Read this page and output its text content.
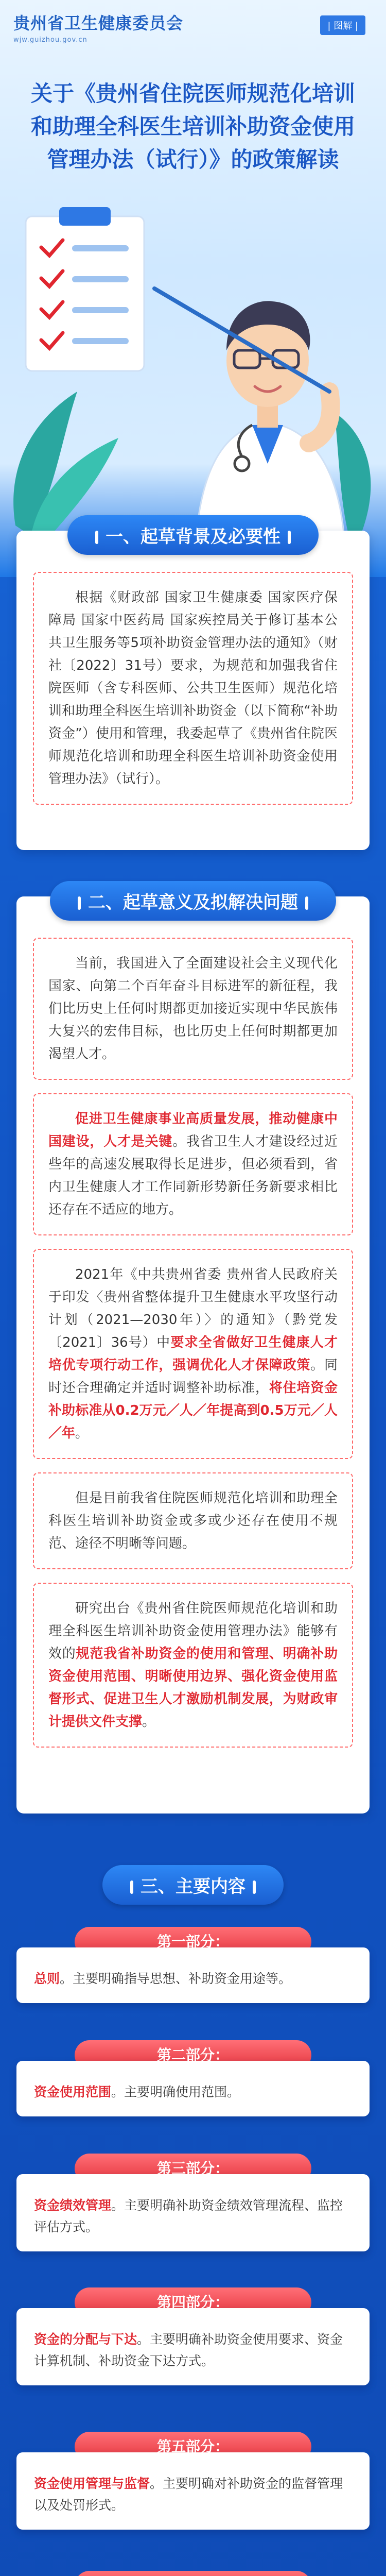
贵州省卫生健康委员会
wjw.guizhou.gov.cn
| 图解 |
关于《贵州省住院医师规范化培训和助理全科医生培训补助资金使用管理办法（试行）》的政策解读
一、起草背景及必要性
根据《财政部 国家卫生健康委 国家医疗保障局 国家中医药局 国家疾控局关于修订基本公共卫生服务等5项补助资金管理办法的通知》（财社〔2022〕31号）要求，为规范和加强我省住院医师（含专科医师、公共卫生医师）规范化培训和助理全科医生培训补助资金（以下简称“补助资金”）使用和管理，我委起草了《贵州省住院医师规范化培训和助理全科医生培训补助资金使用管理办法》（试行）。
二、起草意义及拟解决问题
当前，我国进入了全面建设社会主义现代化国家、向第二个百年奋斗目标进军的新征程，我们比历史上任何时期都更加接近实现中华民族伟大复兴的宏伟目标，也比历史上任何时期都更加渴望人才。
促进卫生健康事业高质量发展，推动健康中国建设，人才是关键。我省卫生人才建设经过近些年的高速发展取得长足进步，但必须看到，省内卫生健康人才工作同新形势新任务新要求相比还存在不适应的地方。
2021年《中共贵州省委 贵州省人民政府关于印发〈贵州省整体提升卫生健康水平攻坚行动计划（2021—2030年）〉的通知》（黔党发〔2021〕36号）中要求全省做好卫生健康人才培优专项行动工作，强调优化人才保障政策。同时还合理确定并适时调整补助标准，将住培资金补助标准从0.2万元／人／年提高到0.5万元／人／年。
但是目前我省住院医师规范化培训和助理全科医生培训补助资金或多或少还存在使用不规范、途径不明晰等问题。
研究出台《贵州省住院医师规范化培训和助理全科医生培训补助资金使用管理办法》能够有效的规范我省补助资金的使用和管理、明确补助资金使用范围、明晰使用边界、强化资金使用监督形式、促进卫生人才激励机制发展，为财政审计提供文件支撑。
三、主要内容
第一部分：
总则。主要明确指导思想、补助资金用途等。
第二部分：
资金使用范围。主要明确使用范围。
第三部分：
资金绩效管理。主要明确补助资金绩效管理流程、监控评估方式。
第四部分：
资金的分配与下达。主要明确补助资金使用要求、资金计算机制、补助资金下达方式。
第五部分：
资金使用管理与监督。主要明确对补助资金的监督管理以及处罚形式。
